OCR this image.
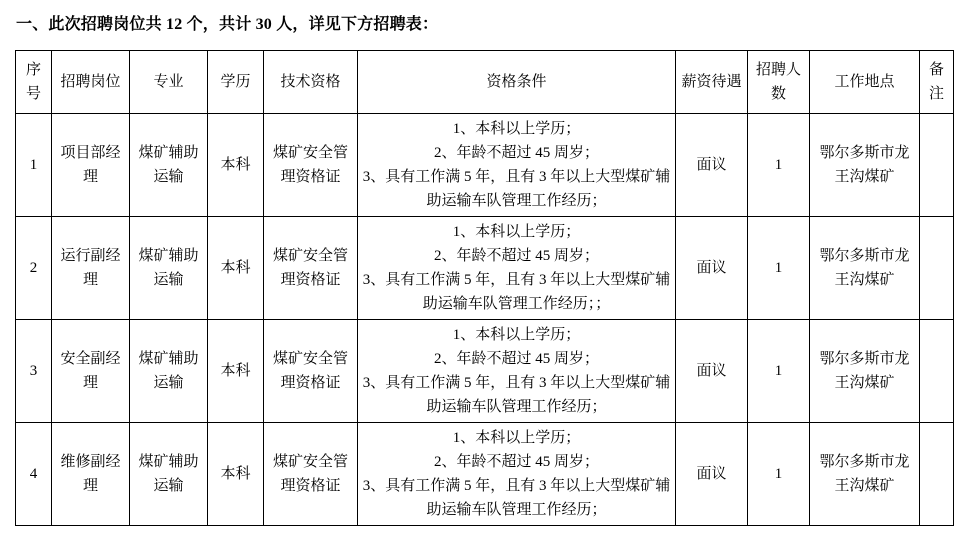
一、此次招聘岗位共 12 个，共计 30 人，详见下方招聘表：
序号	招聘岗位	专业	学历	技术资格	资格条件	薪资待遇	招聘人数	工作地点	备注
1	项目部经理	煤矿辅助运输	本科	煤矿安全管理资格证	1、本科以上学历；
2、年龄不超过 45 周岁；
3、具有工作满 5 年，且有 3 年以上大型煤矿辅助运输车队管理工作经历；	面议	1	鄂尔多斯市龙王沟煤矿	
2	运行副经理	煤矿辅助运输	本科	煤矿安全管理资格证	1、本科以上学历；
2、年龄不超过 45 周岁；
3、具有工作满 5 年，且有 3 年以上大型煤矿辅助运输车队管理工作经历；；	面议	1	鄂尔多斯市龙王沟煤矿	
3	安全副经理	煤矿辅助运输	本科	煤矿安全管理资格证	1、本科以上学历；
2、年龄不超过 45 周岁；
3、具有工作满 5 年，且有 3 年以上大型煤矿辅助运输车队管理工作经历；	面议	1	鄂尔多斯市龙王沟煤矿	
4	维修副经理	煤矿辅助运输	本科	煤矿安全管理资格证	1、本科以上学历；
2、年龄不超过 45 周岁；
3、具有工作满 5 年，且有 3 年以上大型煤矿辅助运输车队管理工作经历；	面议	1	鄂尔多斯市龙王沟煤矿	
